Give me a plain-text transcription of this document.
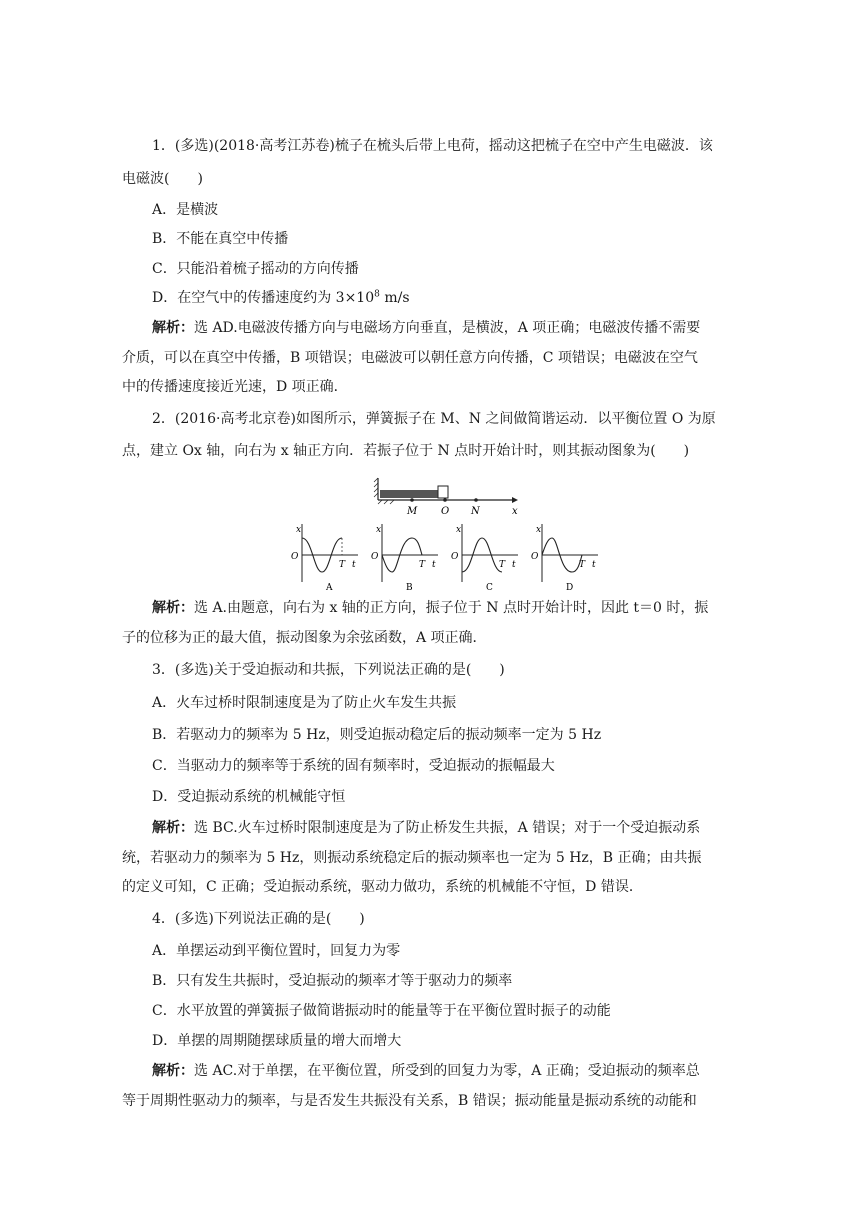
1．(多选)(2018·高考江苏卷)梳子在梳头后带上电荷，摇动这把梳子在空中产生电磁波．该
电磁波(　　)
A．是横波
B．不能在真空中传播
C．只能沿着梳子摇动的方向传播
D．在空气中的传播速度约为 $3\times 10^8$ m/s
解析：选 AD.电磁波传播方向与电磁场方向垂直，是横波，A 项正确；电磁波传播不需要
介质，可以在真空中传播，B 项错误；电磁波可以朝任意方向传播，C 项错误；电磁波在空气
中的传播速度接近光速，D 项正确．
2．(2016·高考北京卷)如图所示，弹簧振子在 M、N 之间做简谐运动．以平衡位置 O 为原
点，建立 Ox 轴，向右为 x 轴正方向．若振子位于 N 点时开始计时，则其振动图象为(　　)
M O N	x
x
O
T t
A
x
O
T t
B
x
O
T t
C
x
O
T t
D
解析：选 A.由题意，向右为 x 轴的正方向，振子位于 N 点时开始计时，因此 t＝0 时，振
子的位移为正的最大值，振动图象为余弦函数，A 项正确．
3．(多选)关于受迫振动和共振，下列说法正确的是(　　)
A．火车过桥时限制速度是为了防止火车发生共振
B．若驱动力的频率为 5 Hz，则受迫振动稳定后的振动频率一定为 5 Hz
C．当驱动力的频率等于系统的固有频率时，受迫振动的振幅最大
D．受迫振动系统的机械能守恒
解析：选 BC.火车过桥时限制速度是为了防止桥发生共振，A 错误；对于一个受迫振动系
统，若驱动力的频率为 5 Hz，则振动系统稳定后的振动频率也一定为 5 Hz，B 正确；由共振
的定义可知，C 正确；受迫振动系统，驱动力做功，系统的机械能不守恒，D 错误．
4．(多选)下列说法正确的是(　　)
A．单摆运动到平衡位置时，回复力为零
B．只有发生共振时，受迫振动的频率才等于驱动力的频率
C．水平放置的弹簧振子做简谐振动时的能量等于在平衡位置时振子的动能
D．单摆的周期随摆球质量的增大而增大
解析：选 AC.对于单摆，在平衡位置，所受到的回复力为零，A 正确；受迫振动的频率总
等于周期性驱动力的频率，与是否发生共振没有关系，B 错误；振动能量是振动系统的动能和
